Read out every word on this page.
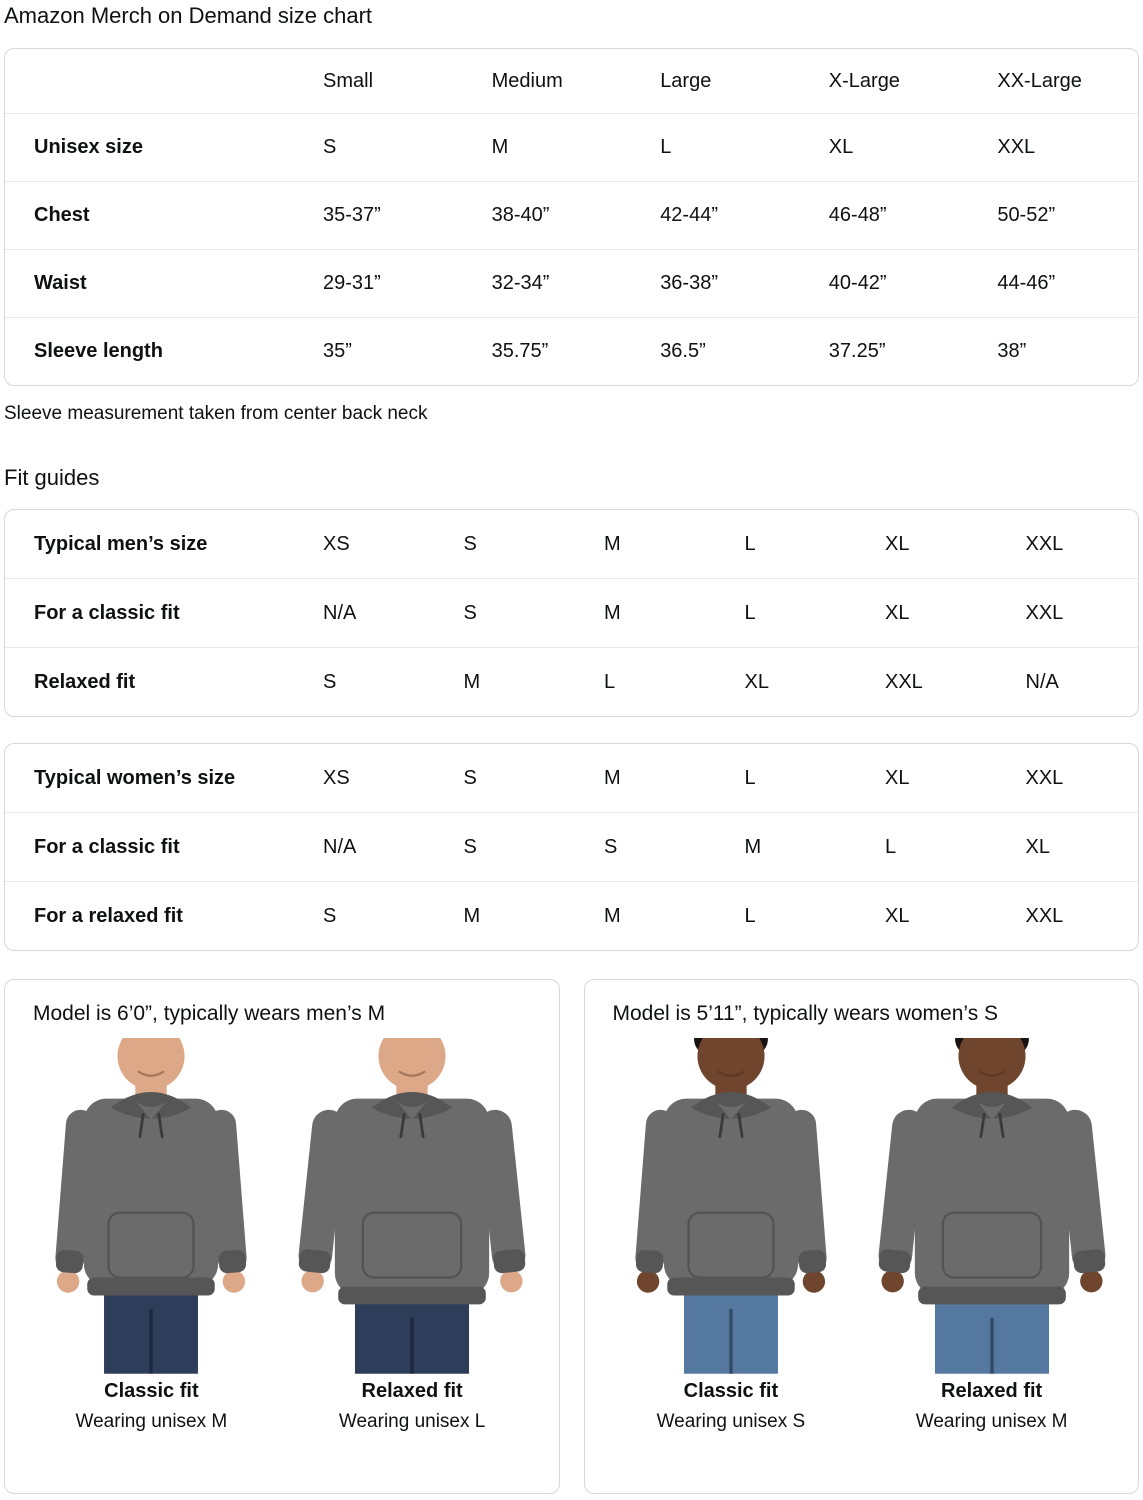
Amazon Merch on Demand size chart
	Small	Medium	Large	X-Large	XX-Large
Unisex size	S	M	L	XL	XXL
Chest	35-37”	38-40”	42-44”	46-48”	50-52”
Waist	29-31”	32-34”	36-38”	40-42”	44-46”
Sleeve length	35”	35.75”	36.5”	37.25”	38”

Sleeve measurement taken from center back neck

Fit guides
Typical men’s size	XS	S	M	L	XL	XXL
For a classic fit	N/A	S	M	L	XL	XXL
Relaxed fit	S	M	L	XL	XXL	N/A
Typical women’s size	XS	S	M	L	XL	XXL
For a classic fit	N/A	S	S	M	L	XL
For a relaxed fit	S	M	M	L	XL	XXL
Model is 6’0”, typically wears men’s M
Classic fit
Wearing unisex M
Relaxed fit
Wearing unisex L
Model is 5’11”, typically wears women’s S
Classic fit
Wearing unisex S
Relaxed fit
Wearing unisex M
